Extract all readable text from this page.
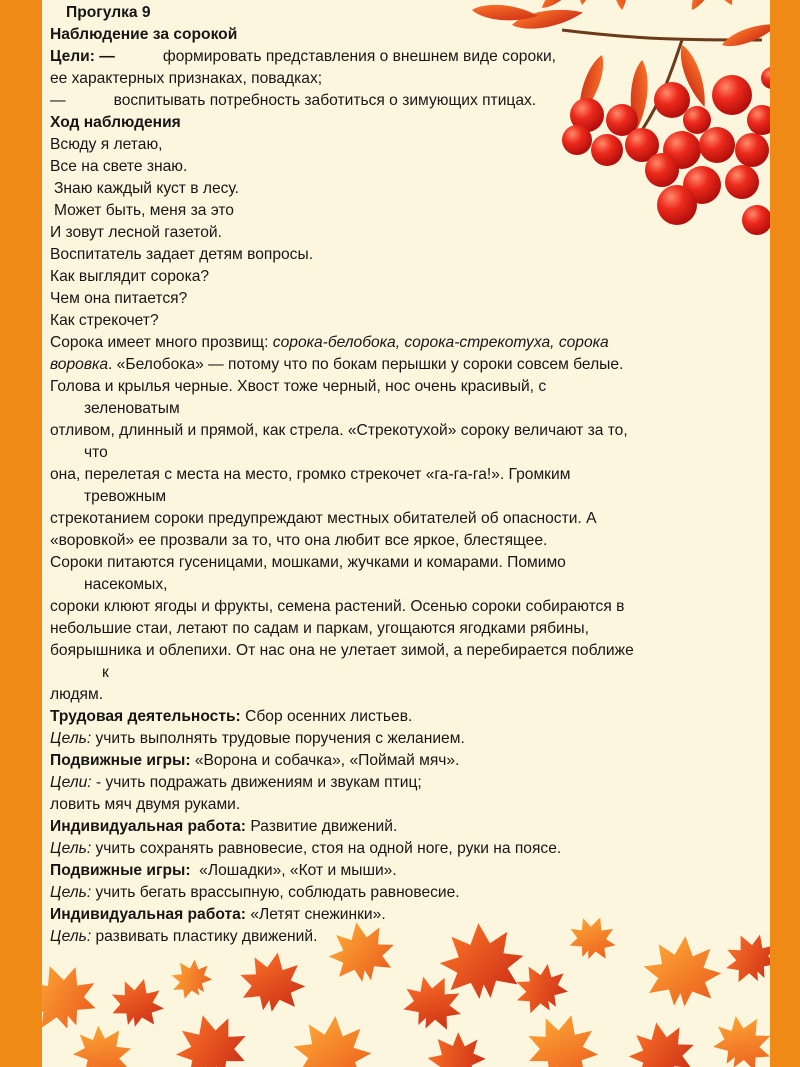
Прогулка 9

Наблюдение за сорокой

Цели: —	формировать представления о внешнем виде сороки,

ее характерных признаках, повадках;

—	воспитывать потребность заботиться о зимующих птицах.

Ход наблюдения

Всюду я летаю,

Все на свете знаю.

Знаю каждый куст в лесу.

Может быть, меня за это

И зовут лесной газетой.

Воспитатель задает детям вопросы.

Как выглядит сорока?

Чем она питается?

Как стрекочет?

Сорока имеет много прозвищ: сорока-белобока, сорока-стрекотуха, сорока

воровка. «Белобока» — потому что по бокам перышки у сороки совсем белые.

Голова и крылья черные. Хвост тоже черный, нос очень красивый, с

зеленоватым

отливом, длинный и прямой, как стрела. «Стрекотухой» сороку величают за то,

что

она, перелетая с места на место, громко стрекочет «га-га-га!». Громким

тревожным

стрекотанием сороки предупреждают местных обитателей об опасности. А

«воровкой» ее прозвали за то, что она любит все яркое, блестящее.

Сороки питаются гусеницами, мошками, жучками и комарами. Помимо

насекомых,

сороки клюют ягоды и фрукты, семена растений. Осенью сороки собираются в

небольшие стаи, летают по садам и паркам, угощаются ягодками рябины,

боярышника и облепихи. От нас она не улетает зимой, а перебирается поближе

к

людям.

Трудовая деятельность: Сбор осенних листьев.

Цель: учить выполнять трудовые поручения с желанием.

Подвижные игры: «Ворона и собачка», «Поймай мяч».

Цели: - учить подражать движениям и звукам птиц;

ловить мяч двумя руками.

Индивидуальная работа: Развитие движений.

Цель: учить сохранять равновесие, стоя на одной ноге, руки на поясе.

Подвижные игры:  «Лошадки», «Кот и мыши».

Цель: учить бегать врассыпную, соблюдать равновесие.

Индивидуальная работа: «Летят снежинки».

Цель: развивать пластику движений.
